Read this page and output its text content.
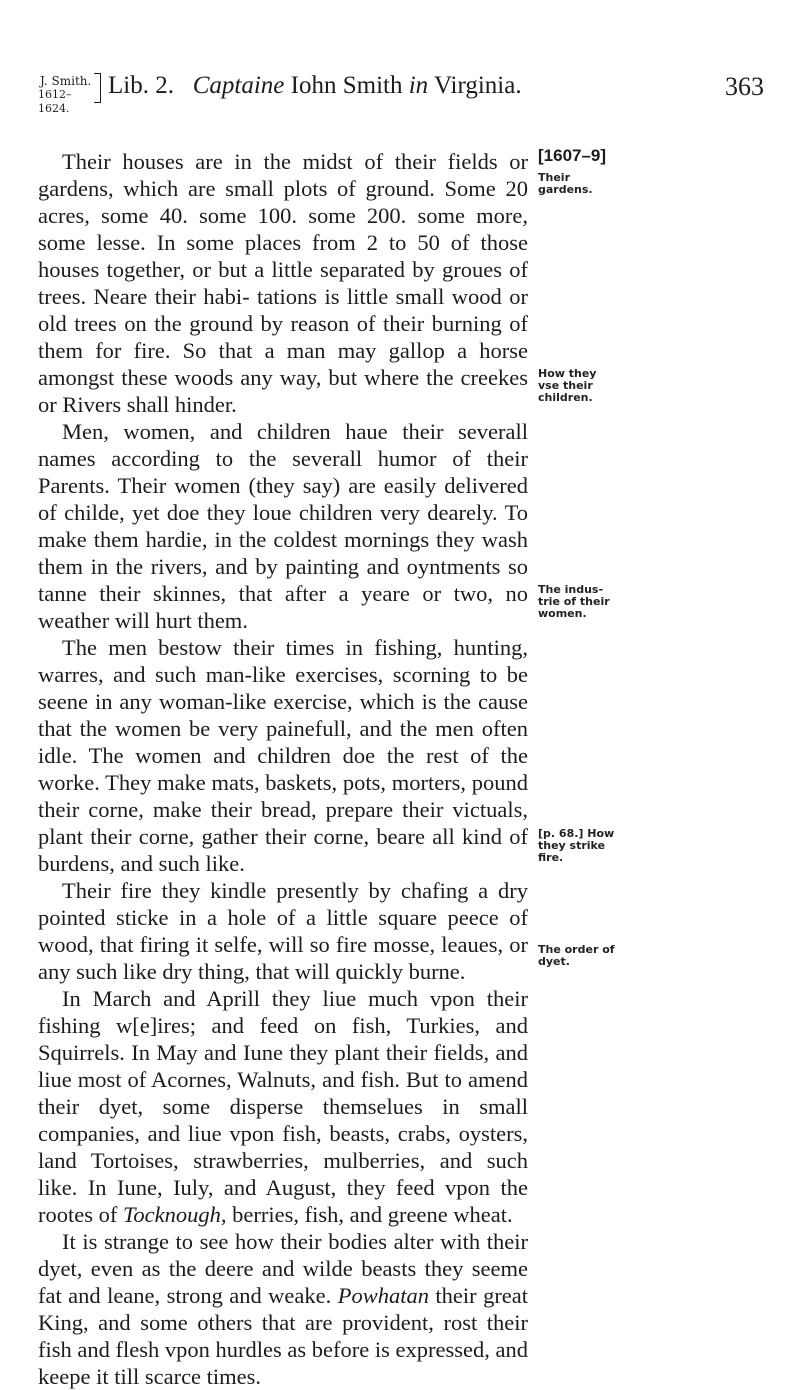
J. Smith.
1612–1624.
Lib. 2. Captaine Iohn Smith in Virginia.	363
[1607–9]
Their gardens.
How they vse their children.
The indus- trie of their women.
[p. 68.] How they strike fire.
The order of dyet.

Their houses are in the midst of their fields or gardens, which are small plots of ground. Some 20 acres, some 40. some 100. some 200. some more, some lesse. In some places from 2 to 50 of those houses together, or but a little separated by groues of trees. Neare their habi- tations is little small wood or old trees on the ground by reason of their burning of them for fire. So that a man may gallop a horse amongst these woods any way, but where the creekes or Rivers shall hinder.

Men, women, and children haue their severall names according to the severall humor of their Parents. Their women (they say) are easily delivered of childe, yet doe they loue children very dearely. To make them hardie, in the coldest mornings they wash them in the rivers, and by painting and oyntments so tanne their skinnes, that after a yeare or two, no weather will hurt them.

The men bestow their times in fishing, hunting, warres, and such man-like exercises, scorning to be seene in any woman-like exercise, which is the cause that the women be very painefull, and the men often idle. The women and children doe the rest of the worke. They make mats, baskets, pots, morters, pound their corne, make their bread, prepare their victuals, plant their corne, gather their corne, beare all kind of burdens, and such like.

Their fire they kindle presently by chafing a dry pointed sticke in a hole of a little square peece of wood, that firing it selfe, will so fire mosse, leaues, or any such like dry thing, that will quickly burne.

In March and Aprill they liue much vpon their fishing w[e]ires; and feed on fish, Turkies, and Squirrels. In May and Iune they plant their fields, and liue most of Acornes, Walnuts, and fish. But to amend their dyet, some disperse themselues in small companies, and liue vpon fish, beasts, crabs, oysters, land Tortoises, strawberries, mulberries, and such like. In Iune, Iuly, and August, they feed vpon the rootes of Tocknough, berries, fish, and greene wheat.

It is strange to see how their bodies alter with their dyet, even as the deere and wilde beasts they seeme fat and leane, strong and weake. Powhatan their great King, and some others that are provident, rost their fish and flesh vpon hurdles as before is expressed, and keepe it till scarce times.
